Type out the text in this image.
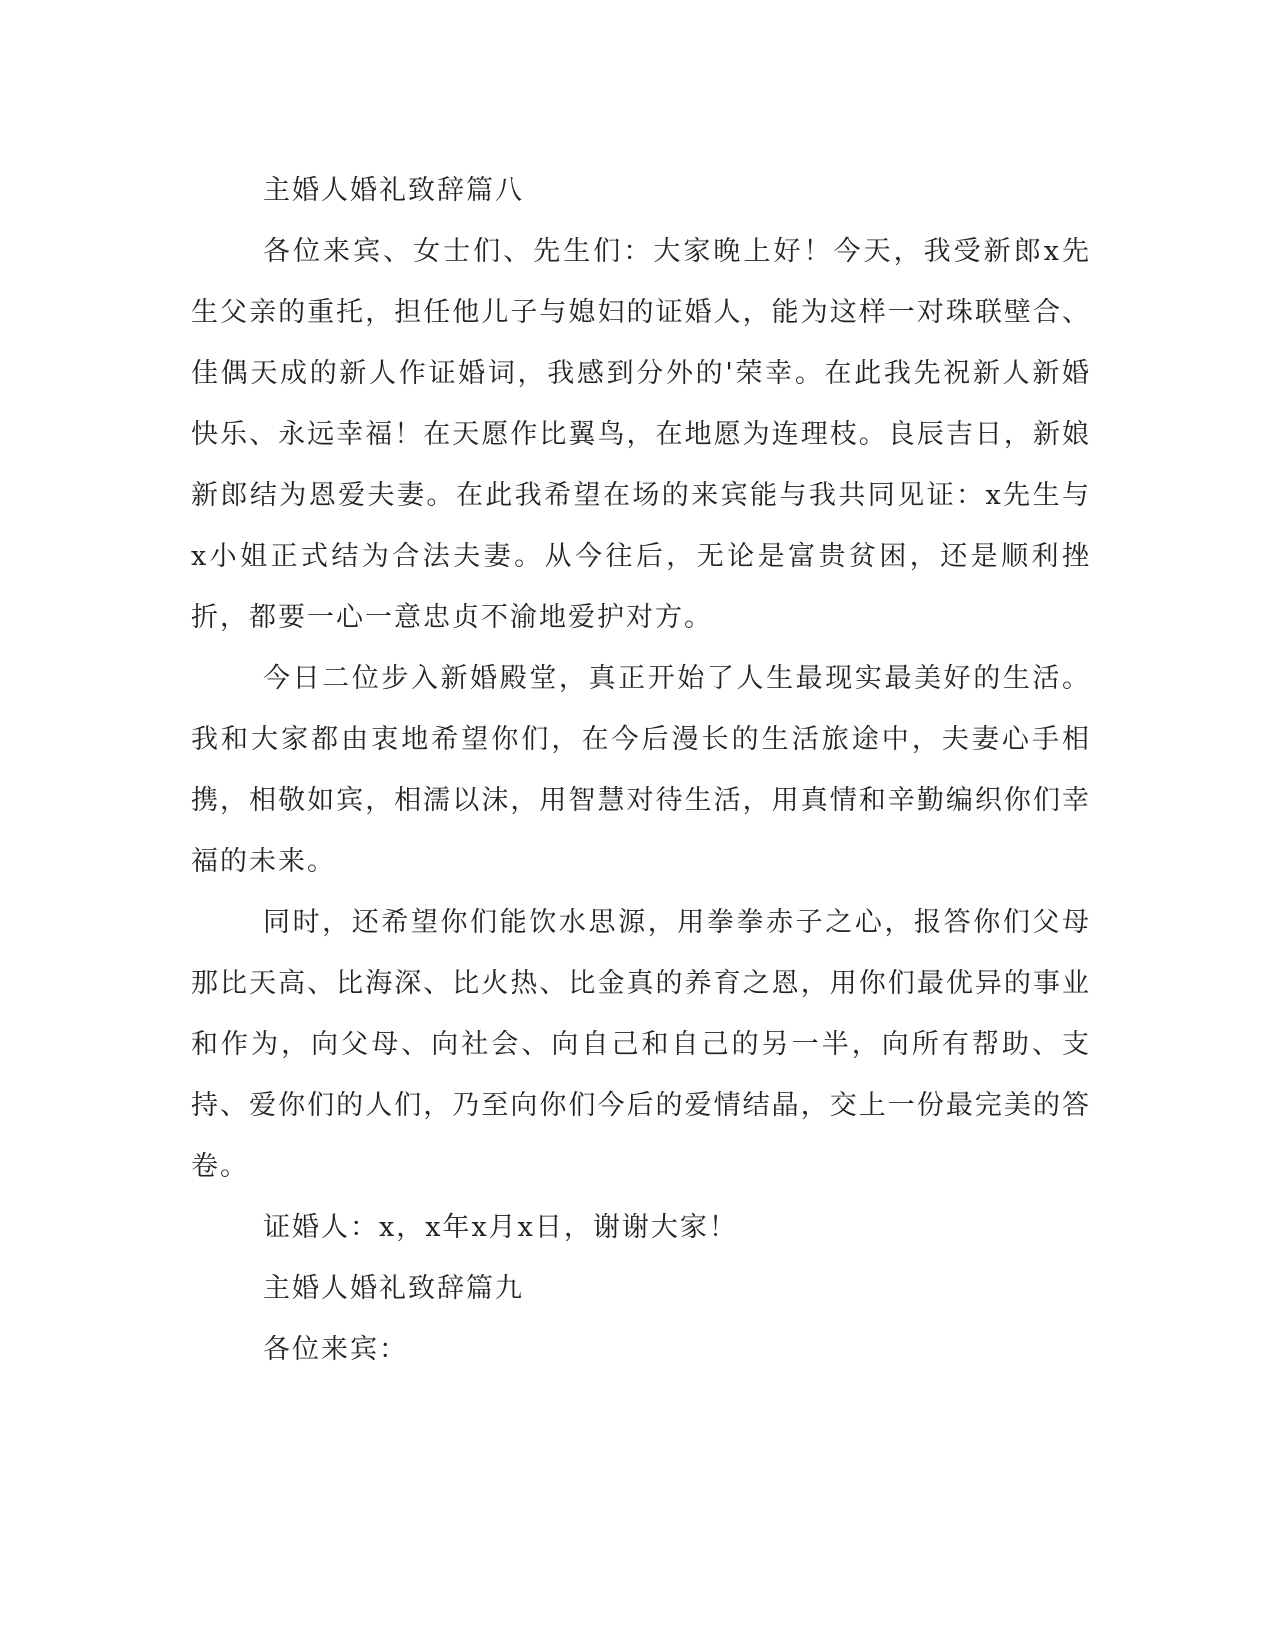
主婚人婚礼致辞篇八

各位来宾、女士们、先生们：大家晚上好！今天，我受新郎x先生父亲的重托，担任他儿子与媳妇的证婚人，能为这样一对珠联壁合、佳偶天成的新人作证婚词，我感到分外的'荣幸。在此我先祝新人新婚快乐、永远幸福！在天愿作比翼鸟，在地愿为连理枝。良辰吉日，新娘新郎结为恩爱夫妻。在此我希望在场的来宾能与我共同见证：x先生与x小姐正式结为合法夫妻。从今往后，无论是富贵贫困，还是顺利挫折，都要一心一意忠贞不渝地爱护对方。

今日二位步入新婚殿堂，真正开始了人生最现实最美好的生活。我和大家都由衷地希望你们，在今后漫长的生活旅途中，夫妻心手相携，相敬如宾，相濡以沫，用智慧对待生活，用真情和辛勤编织你们幸福的未来。

同时，还希望你们能饮水思源，用拳拳赤子之心，报答你们父母那比天高、比海深、比火热、比金真的养育之恩，用你们最优异的事业和作为，向父母、向社会、向自己和自己的另一半，向所有帮助、支持、爱你们的人们，乃至向你们今后的爱情结晶，交上一份最完美的答卷。

证婚人：x，x年x月x日，谢谢大家！

主婚人婚礼致辞篇九

各位来宾：
